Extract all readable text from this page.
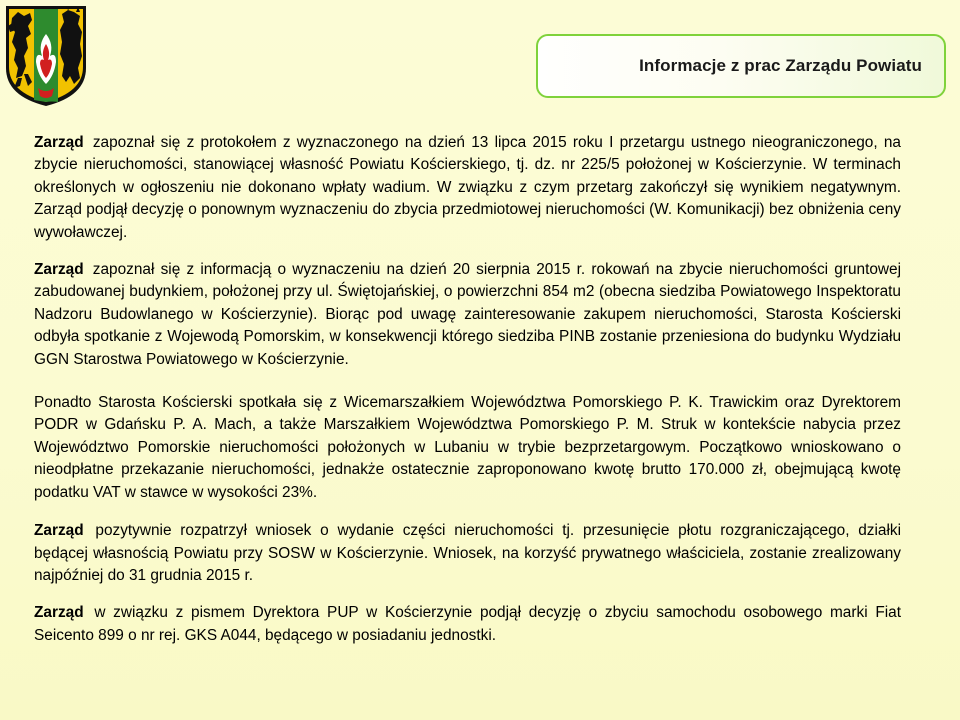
Informacje z prac Zarządu Powiatu

Zarząd zapoznał się z protokołem z wyznaczonego na dzień 13 lipca 2015 roku I przetargu ustnego nieograniczonego, na zbycie nieruchomości, stanowiącej własność Powiatu Kościerskiego, tj. dz. nr 225/5 położonej w Kościerzynie. W terminach określonych w ogłoszeniu nie dokonano wpłaty wadium. W związku z czym przetarg zakończył się wynikiem negatywnym. Zarząd podjął decyzję o ponownym wyznaczeniu do zbycia przedmiotowej nieruchomości (W. Komunikacji) bez obniżenia ceny wywoławczej.

Zarząd zapoznał się z informacją o wyznaczeniu na dzień 20 sierpnia 2015 r. rokowań na zbycie nieruchomości gruntowej zabudowanej budynkiem, położonej przy ul. Świętojańskiej, o powierzchni 854 m2 (obecna siedziba Powiatowego Inspektoratu Nadzoru Budowlanego w Kościerzynie). Biorąc pod uwagę zainteresowanie zakupem nieruchomości, Starosta Kościerski odbyła spotkanie z Wojewodą Pomorskim, w konsekwencji którego siedziba PINB zostanie przeniesiona do budynku Wydziału GGN Starostwa Powiatowego w Kościerzynie.

Ponadto Starosta Kościerski spotkała się z Wicemarszałkiem Województwa Pomorskiego P. K. Trawickim oraz Dyrektorem PODR w Gdańsku P. A. Mach, a także Marszałkiem Województwa Pomorskiego P. M. Struk w kontekście nabycia przez Województwo Pomorskie nieruchomości położonych w Lubaniu w trybie bezprzetargowym. Początkowo wnioskowano o nieodpłatne przekazanie nieruchomości, jednakże ostatecznie zaproponowano kwotę brutto 170.000 zł, obejmującą kwotę podatku VAT w stawce w wysokości 23%.

Zarząd pozytywnie rozpatrzył wniosek o wydanie części nieruchomości tj. przesunięcie płotu rozgraniczającego, działki będącej własnością Powiatu przy SOSW w Kościerzynie. Wniosek, na korzyść prywatnego właściciela, zostanie zrealizowany najpóźniej do 31 grudnia 2015 r.

Zarząd w związku z pismem Dyrektora PUP w Kościerzynie podjął decyzję o zbyciu samochodu osobowego marki Fiat Seicento 899 o nr rej. GKS A044, będącego w posiadaniu jednostki.
